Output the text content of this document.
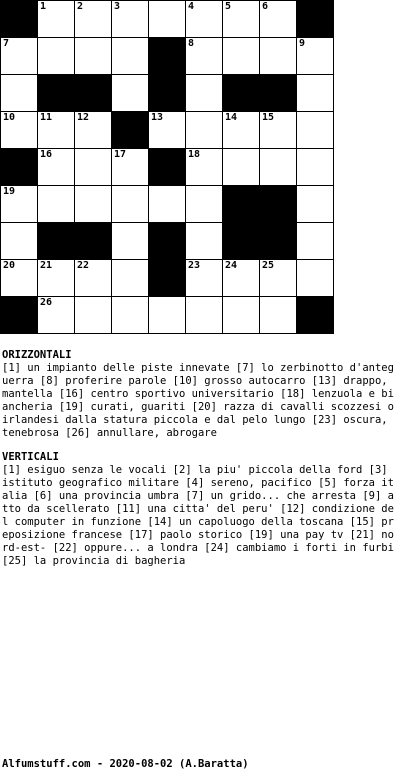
1	2	3	4	5	6
7	8	9
10 11 12	13	14 15
16	17	18
19
20 21 22	23 24 25
26
ORIZZONTALI
[1] un impianto delle piste innevate [7] lo zerbinotto d'anteguerra [8] proferire parole [10] grosso autocarro [13] drappo, mantella [16] centro sportivo universitario [18] lenzuola e biancheria [19] curati, guariti [20] razza di cavalli scozzesi o irlandesi dalla statura piccola e dal pelo lungo [23] oscura, tenebrosa [26] annullare, abrogare
VERTICALI
[1] esiguo senza le vocali [2] la piu' piccola della ford [3] istituto geografico militare [4] sereno, pacifico [5] forza italia [6] una provincia umbra [7] un grido... che arresta [9] atto da scellerato [11] una citta' del peru' [12] condizione del computer in funzione [14] un capoluogo della toscana [15] preposizione francese [17] paolo storico [19] una pay tv [21] nord-est- [22] oppure... a londra [24] cambiamo i forti in furbi [25] la provincia di bagheria
Alfumstuff.com - 2020-08-02 (A.Baratta)
